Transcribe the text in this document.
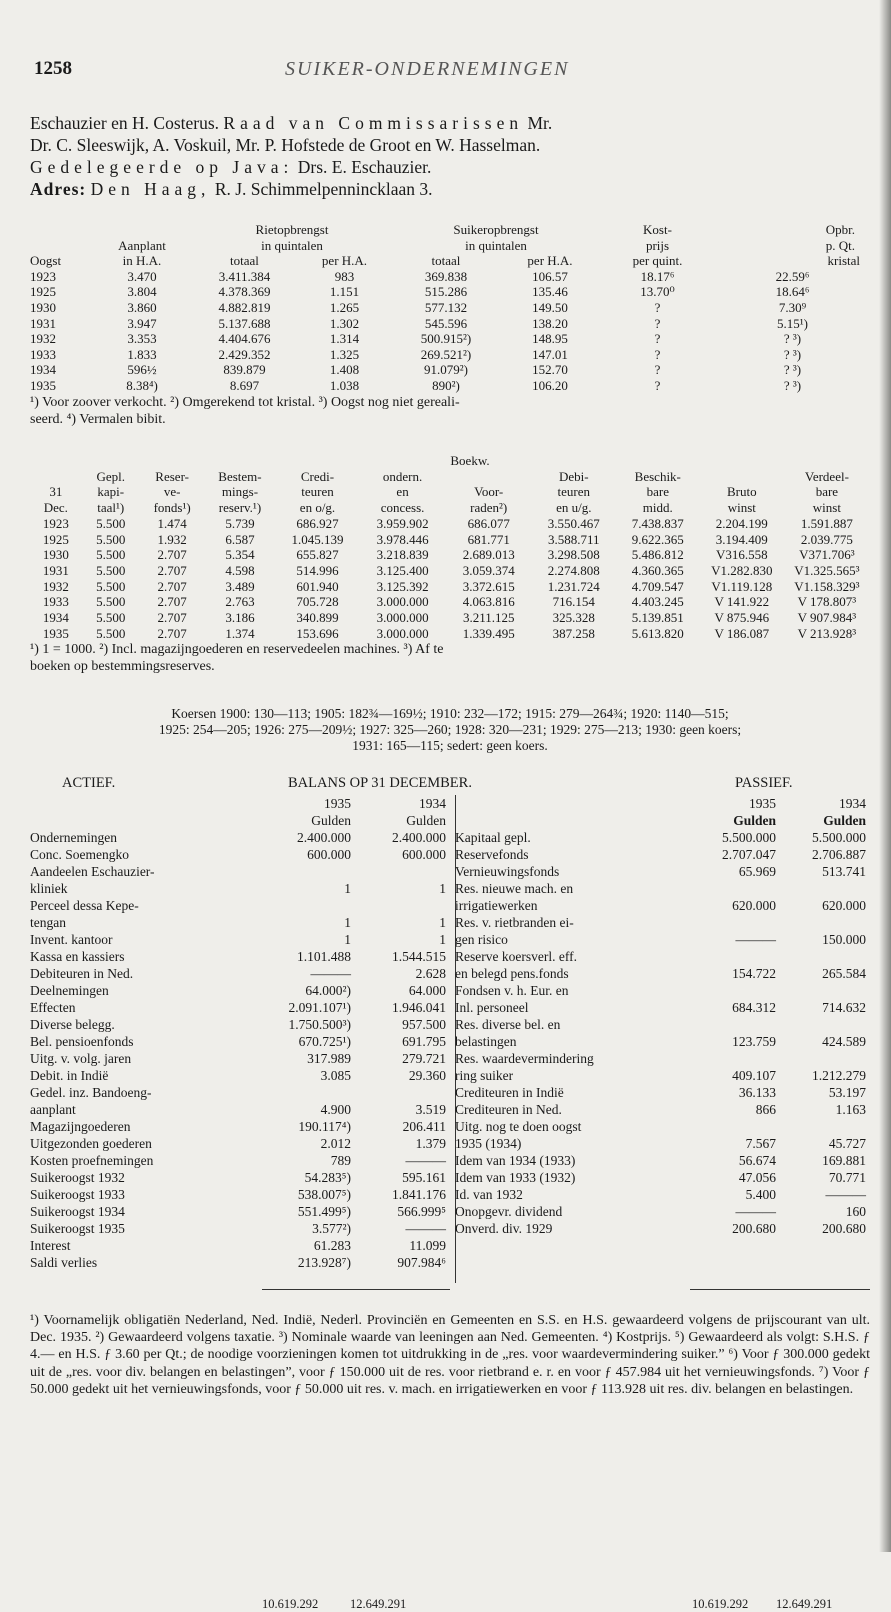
1258	SUIKER-ONDERNEMINGEN

Eschauzier en H. Costerus. Raad van Commissarissen Mr.

Dr. C. Sleeswijk, A. Voskuil, Mr. P. Hofstede de Groot en W. Hasselman.

Gedelegeerde op Java: Drs. E. Eschauzier.

Adres: Den Haag, R. J. Schimmelpennincklaan 3.

		Rietopbrengst		Suikeropbrengst		Kost-	Opbr.
	Aanplant	in quintalen		in quintalen		prijs	p. Qt.
Oogst	in H.A.	totaal	per H.A.	totaal	per H.A.	per quint.	kristal
1923	3.470	3.411.384	983	369.838	106.57	18.17⁶	22.59⁶
1925	3.804	4.378.369	1.151	515.286	135.46	13.70⁰	18.64⁶
1930	3.860	4.882.819	1.265	577.132	149.50	?	7.30⁹
1931	3.947	5.137.688	1.302	545.596	138.20	?	5.15¹)
1932	3.353	4.404.676	1.314	500.915²)	148.95	?	? ³)
1933	1.833	2.429.352	1.325	269.521²)	147.01	?	? ³)
1934	596½	839.879	1.408	91.079²)	152.70	?	? ³)
1935	8.38⁴)	8.697	1.038	890²)	106.20	?	? ³)
¹) Voor zoover verkocht. ²) Omgerekend tot kristal. ³) Oogst nog niet gereali-
seerd. ⁴) Vermalen bibit.
Boekw.
	Gepl.	Reser-	Bestem-	Credi-	ondern.		Debi-	Beschik-		Verdeel-
31	kapi-	ve-	mings-	teuren	en	Voor-	teuren	bare	Bruto	bare
Dec.	taal¹)	fonds¹)	reserv.¹)	en o/g.	concess.	raden²)	en u/g.	midd.	winst	winst
1923	5.500	1.474	5.739	686.927	3.959.902	686.077	3.550.467	7.438.837	2.204.199	1.591.887
1925	5.500	1.932	6.587	1.045.139	3.978.446	681.771	3.588.711	9.622.365	3.194.409	2.039.775
1930	5.500	2.707	5.354	655.827	3.218.839	2.689.013	3.298.508	5.486.812	V316.558	V371.706³
1931	5.500	2.707	4.598	514.996	3.125.400	3.059.374	2.274.808	4.360.365	V1.282.830	V1.325.565³
1932	5.500	2.707	3.489	601.940	3.125.392	3.372.615	1.231.724	4.709.547	V1.119.128	V1.158.329³
1933	5.500	2.707	2.763	705.728	3.000.000	4.063.816	716.154	4.403.245	V 141.922	V 178.807³
1934	5.500	2.707	3.186	340.899	3.000.000	3.211.125	325.328	5.139.851	V 875.946	V 907.984³
1935	5.500	2.707	1.374	153.696	3.000.000	1.339.495	387.258	5.613.820	V 186.087	V 213.928³
¹) 1 = 1000. ²) Incl. magazijngoederen en reservedeelen machines. ³) Af te
boeken op bestemmingsreserves.
Koersen 1900: 130—113; 1905: 182¾—169½; 1910: 232—172; 1915: 279—264¾; 1920: 1140—515;
1925: 254—205; 1926: 275—209½; 1927: 325—260; 1928: 320—231; 1929: 275—213; 1930: geen koers;
1931: 165—115; sedert: geen koers.
ACTIEF.	BALANS OP 31 DECEMBER.	PASSIEF.
	1935	1934
	Gulden	Gulden
Ondernemingen	2.400.000	2.400.000
Conc. Soemengko	600.000	600.000
Aandeelen Eschauzier-		
kliniek	1	1
Perceel dessa Kepe-		
tengan	1	1
Invent. kantoor	1	1
Kassa en kassiers	1.101.488	1.544.515
Debiteuren in Ned.	———	2.628
Deelnemingen	64.000²)	64.000
Effecten	2.091.107¹)	1.946.041
Diverse belegg.	1.750.500³)	957.500
Bel. pensioenfonds	670.725¹)	691.795
Uitg. v. volg. jaren	317.989	279.721
Debit. in Indië	3.085	29.360
Gedel. inz. Bandoeng-		
aanplant	4.900	3.519
Magazijngoederen	190.117⁴)	206.411
Uitgezonden goederen	2.012	1.379
Kosten proefnemingen	789	———
Suikeroogst 1932	54.283⁵)	595.161
Suikeroogst 1933	538.007⁵)	1.841.176
Suikeroogst 1934	551.499⁵)	566.999⁵
Suikeroogst 1935	3.577²)	———
Interest	61.283	11.099
Saldi verlies	213.928⁷)	907.984⁶
	1935	1934
	Gulden	Gulden
Kapitaal gepl.	5.500.000	5.500.000
Reservefonds	2.707.047	2.706.887
Vernieuwingsfonds	65.969	513.741
Res. nieuwe mach. en		
irrigatiewerken	620.000	620.000
Res. v. rietbranden ei-		
gen risico	———	150.000
Reserve koersverl. eff.		
en belegd pens.fonds	154.722	265.584
Fondsen v. h. Eur. en		
Inl. personeel	684.312	714.632
Res. diverse bel. en		
belastingen	123.759	424.589
Res. waardevermindering		
ring suiker	409.107	1.212.279
Crediteuren in Indië	36.133	53.197
Crediteuren in Ned.	866	1.163
Uitg. nog te doen oogst		
1935 (1934)	7.567	45.727
Idem van 1934 (1933)	56.674	169.881
Idem van 1933 (1932)	47.056	70.771
Id. van 1932	5.400	———
Onopgevr. dividend	———	160
Onverd. div. 1929	200.680	200.680
10.619.292	12.649.291	10.619.292 12.649.291

¹) Voornamelijk obligatiën Nederland, Ned. Indië, Nederl. Provinciën en Gemeenten en S.S. en H.S. gewaardeerd volgens de prijscourant van ult. Dec. 1935. ²) Gewaardeerd volgens taxatie. ³) Nominale waarde van leeningen aan Ned. Gemeenten. ⁴) Kostprijs. ⁵) Gewaardeerd als volgt: S.H.S. ƒ 4.— en H.S. ƒ 3.60 per Qt.; de noodige voorzieningen komen tot uitdrukking in de „res. voor waardevermindering suiker.” ⁶) Voor ƒ 300.000 gedekt uit de „res. voor div. belangen en belastingen”, voor ƒ 150.000 uit de res. voor rietbrand e. r. en voor ƒ 457.984 uit het vernieuwingsfonds. ⁷) Voor ƒ 50.000 gedekt uit het vernieuwingsfonds, voor ƒ 50.000 uit res. v. mach. en irrigatiewerken en voor ƒ 113.928 uit res. div. belangen en belastingen.
